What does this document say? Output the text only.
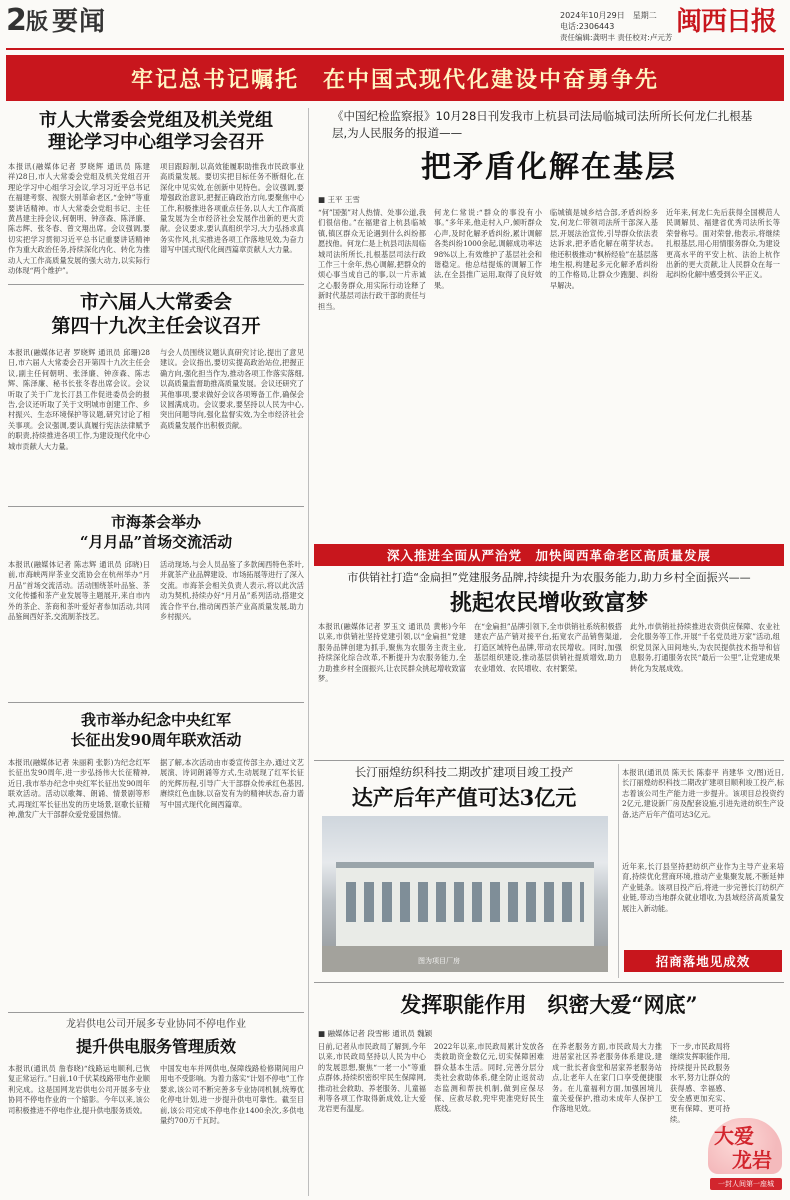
2 版 要闻	2024年10月29日　星期二
电话:2306443
责任编辑:龚明丰 责任校对:卢元芳
闽西日报
牢记总书记嘱托　在中国式现代化建设中奋勇争先
市人大常委会党组及机关党组
理论学习中心组学习会召开
本报讯(融媒体记者 罗晓辉 通讯员 陈建祥)28日,市人大常委会党组及机关党组召开理论学习中心组学习会议,学习习近平总书记在福建考察、视察大别革命老区,“金钟”等重要讲话精神。市人大常委会党组书记、主任黄昌建主持会议,何朝明、钟彦森、陈泽廉、陈志辉、张冬春、曾文翔出席。会议强调,要切实把学习贯彻习近平总书记重要讲话精神作为重大政治任务,持续深化内化、转化为推动人大工作高质量发展的强大动力,以实际行动体现“两个维护”。
项目跟踪制,以高效能履职助推我市民政事业高质量发展。要切实把目标任务不断细化,在深化中见实效,在创新中见特色。会议强调,要增强政治意识,把握正确政治方向,要聚焦中心工作,积极推进各项重点任务,以人大工作高质量发展为全市经济社会发展作出新的更大贡献。会议要求,要认真组织学习,大力弘扬求真务实作风,扎实推进各项工作落地见效,为奋力谱写中国式现代化闽西篇章贡献人大力量。
市六届人大常委会
第四十九次主任会议召开
本报讯(融媒体记者 罗晓辉 通讯员 邱珊)28日,市六届人大常委会召开第四十九次主任会议,副主任何朝明、张泽廉、钟彦森、陈志辉、陈泽廉、秘书长张冬春出席会议。会议听取了关于广龙长汀县工作促进委员会的报告,会议还听取了关于文明城市创建工作、乡村振兴、生态环境保护等议题,研究讨论了相关事项。会议强调,要认真履行宪法法律赋予的职责,持续推进各项工作,为建设现代化中心城市贡献人大力量。
与会人员围绕议题认真研究讨论,提出了意见建议。会议指出,要切实提高政治站位,把握正确方向,强化担当作为,推动各项工作落实落细,以高质量监督助推高质量发展。会议还研究了其他事项,要求做好会议各项筹备工作,确保会议圆满成功。会议要求,要坚持以人民为中心,突出问题导向,强化监督实效,为全市经济社会高质量发展作出积极贡献。
市海茶会举办
“月月品”首场交流活动
本报讯(融媒体记者 陈志辉 通讯员 邱晓)日前,市海峡两岸茶业交流协会在杭州举办“月月品”首场交流活动。活动围绕茶叶品鉴、茶文化传播和茶产业发展等主题展开,来自市内外的茶企、茶商和茶叶爱好者参加活动,共同品鉴闽西好茶,交流制茶技艺。
活动现场,与会人员品鉴了多款闽西特色茶叶,并就茶产业品牌建设、市场拓展等进行了深入交流。市海茶会相关负责人表示,将以此次活动为契机,持续办好“月月品”系列活动,搭建交流合作平台,推动闽西茶产业高质量发展,助力乡村振兴。
我市举办纪念中央红军
长征出发90周年联欢活动
本报讯(融媒体记者 朱丽莉 张影)为纪念红军长征出发90周年,进一步弘扬伟大长征精神,近日,我市举办纪念中央红军长征出发90周年联欢活动。活动以歌舞、朗诵、情景剧等形式,再现红军长征出发的历史场景,讴歌长征精神,激发广大干部群众爱党爱国热情。
据了解,本次活动由市委宣传部主办,通过文艺展演、诗词朗诵等方式,生动展现了红军长征的光辉历程,引导广大干部群众传承红色基因,赓续红色血脉,以奋发有为的精神状态,奋力谱写中国式现代化闽西篇章。
龙岩供电公司开展多专业协同不停电作业
提升供电服务管理质效
本报讯(通讯员 詹春晓)“线路运电顺利,已恢复正常运行。”日前,10千伏某线路带电作业顺利完成。这是国网龙岩供电公司开展多专业协同不停电作业的一个缩影。今年以来,该公司积极推进不停电作业,提升供电服务质效。
中国发电车并网供电,保障线路检修期间用户用电不受影响。为着力落实“计划不停电”工作要求,该公司不断完善多专业协同机制,统筹优化停电计划,进一步提升供电可靠性。截至目前,该公司完成不停电作业1400余次,多供电量约700万千瓦时。
《中国纪检监察报》10月28日刊发我市上杭县司法局临城司法所所长何龙仁扎根基层,为人民服务的报道——
把矛盾化解在基层
■ 王平 王雪
“何”国强”对人热情、处事公道,我们很信他。”在福建省上杭县临城镇,镇区群众无论遇到什么纠纷都愿找他。何龙仁是上杭县司法局临城司法所所长,扎根基层司法行政工作三十余年,热心调解,把群众的烦心事当成自己的事,以一片赤诚之心服务群众,用实际行动诠释了新时代基层司法行政干部的责任与担当。
何龙仁常说:“群众的事没有小事。”多年来,他走村入户,倾听群众心声,及时化解矛盾纠纷,累计调解各类纠纷1000余起,调解成功率达98%以上,有效维护了基层社会和谐稳定。他总结提炼的调解工作法,在全县推广运用,取得了良好效果。
临城镇是城乡结合部,矛盾纠纷多发,何龙仁带领司法所干部深入基层,开展法治宣传,引导群众依法表达诉求,把矛盾化解在萌芽状态。他还积极推动“枫桥经验”在基层落地生根,构建起多元化解矛盾纠纷的工作格局,让群众少跑腿、纠纷早解决。
近年来,何龙仁先后获得全国模范人民调解员、福建省优秀司法所长等荣誉称号。面对荣誉,他表示,将继续扎根基层,用心用情服务群众,为建设更高水平的平安上杭、法治上杭作出新的更大贡献,让人民群众在每一起纠纷化解中感受到公平正义。
深入推进全面从严治党　加快闽西革命老区高质量发展
市供销社打造“金扁担”党建服务品牌,持续提升为农服务能力,助力乡村全面振兴——
挑起农民增收致富梦
本报讯(融媒体记者 罗玉文 通讯员 黄彬)今年以来,市供销社坚持党建引领,以“金扁担”党建服务品牌创建为抓手,聚焦为农服务主责主业,持续深化综合改革,不断提升为农服务能力,全力助推乡村全面振兴,让农民群众挑起增收致富梦。
在“金扁担”品牌引领下,全市供销社系统积极搭建农产品产销对接平台,拓宽农产品销售渠道,打造区域特色品牌,带动农民增收。同时,加强基层组织建设,推动基层供销社提质增效,助力农业增效、农民增收、农村繁荣。
此外,市供销社持续推进农资供应保障、农业社会化服务等工作,开展“千名党员进万家”活动,组织党员深入田间地头,为农民提供技术指导和信息服务,打通服务农民“最后一公里”,让党建成果转化为发展成效。
长汀丽煌纺织科技二期改扩建项目竣工投产
达产后年产值可达3亿元
图为项目厂房
本报讯(通讯员 陈天长 陈泰平 肖建华 文/图)近日,长汀丽煌纺织科技二期改扩建项目顺利竣工投产,标志着该公司生产能力进一步提升。该项目总投资约2亿元,建设新厂房及配套设施,引进先进纺织生产设备,达产后年产值可达3亿元。
近年来,长汀县坚持把纺织产业作为主导产业来培育,持续优化营商环境,推动产业集聚发展,不断延伸产业链条。该项目投产后,将进一步完善长汀纺织产业链,带动当地群众就业增收,为县域经济高质量发展注入新动能。
招商落地见成效
发挥职能作用　织密大爱“网底”
■ 融媒体记者 段雪彬 通讯员 魏颖
日前,记者从市民政局了解到,今年以来,市民政局坚持以人民为中心的发展思想,聚焦“一老一小”等重点群体,持续织密织牢民生保障网,推动社会救助、养老服务、儿童福利等各项工作取得新成效,让大爱龙岩更有温度。
2022年以来,市民政局累计发放各类救助资金数亿元,切实保障困难群众基本生活。同时,完善分层分类社会救助体系,健全防止返贫动态监测和帮扶机制,做到应保尽保、应救尽救,兜牢兜准兜好民生底线。
在养老服务方面,市民政局大力推进居家社区养老服务体系建设,建成一批长者食堂和居家养老服务站点,让老年人在家门口享受便捷服务。在儿童福利方面,加强困境儿童关爱保护,推动未成年人保护工作落地见效。
下一步,市民政局将继续发挥职能作用,持续提升民政服务水平,努力让群众的获得感、幸福感、安全感更加充实、更有保障、更可持续。
大爱
龙岩
一封人间第一座城
